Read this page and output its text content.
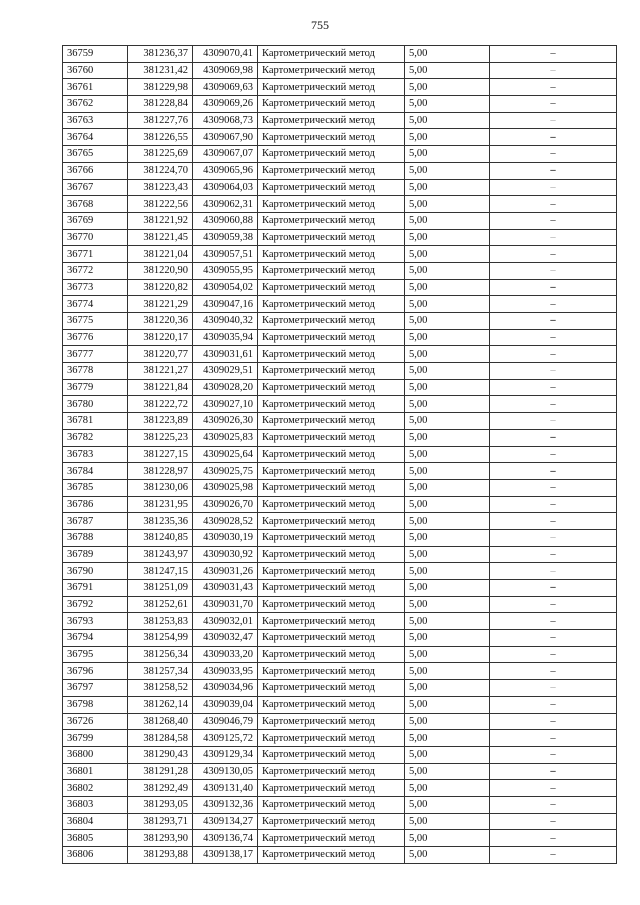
755
36759	381236,37	4309070,41	Картометрический метод	5,00	–
36760	381231,42	4309069,98	Картометрический метод	5,00	–
36761	381229,98	4309069,63	Картометрический метод	5,00	–
36762	381228,84	4309069,26	Картометрический метод	5,00	–
36763	381227,76	4309068,73	Картометрический метод	5,00	–
36764	381226,55	4309067,90	Картометрический метод	5,00	–
36765	381225,69	4309067,07	Картометрический метод	5,00	–
36766	381224,70	4309065,96	Картометрический метод	5,00	–
36767	381223,43	4309064,03	Картометрический метод	5,00	–
36768	381222,56	4309062,31	Картометрический метод	5,00	–
36769	381221,92	4309060,88	Картометрический метод	5,00	–
36770	381221,45	4309059,38	Картометрический метод	5,00	–
36771	381221,04	4309057,51	Картометрический метод	5,00	–
36772	381220,90	4309055,95	Картометрический метод	5,00	–
36773	381220,82	4309054,02	Картометрический метод	5,00	–
36774	381221,29	4309047,16	Картометрический метод	5,00	–
36775	381220,36	4309040,32	Картометрический метод	5,00	–
36776	381220,17	4309035,94	Картометрический метод	5,00	–
36777	381220,77	4309031,61	Картометрический метод	5,00	–
36778	381221,27	4309029,51	Картометрический метод	5,00	–
36779	381221,84	4309028,20	Картометрический метод	5,00	–
36780	381222,72	4309027,10	Картометрический метод	5,00	–
36781	381223,89	4309026,30	Картометрический метод	5,00	–
36782	381225,23	4309025,83	Картометрический метод	5,00	–
36783	381227,15	4309025,64	Картометрический метод	5,00	–
36784	381228,97	4309025,75	Картометрический метод	5,00	–
36785	381230,06	4309025,98	Картометрический метод	5,00	–
36786	381231,95	4309026,70	Картометрический метод	5,00	–
36787	381235,36	4309028,52	Картометрический метод	5,00	–
36788	381240,85	4309030,19	Картометрический метод	5,00	–
36789	381243,97	4309030,92	Картометрический метод	5,00	–
36790	381247,15	4309031,26	Картометрический метод	5,00	–
36791	381251,09	4309031,43	Картометрический метод	5,00	–
36792	381252,61	4309031,70	Картометрический метод	5,00	–
36793	381253,83	4309032,01	Картометрический метод	5,00	–
36794	381254,99	4309032,47	Картометрический метод	5,00	–
36795	381256,34	4309033,20	Картометрический метод	5,00	–
36796	381257,34	4309033,95	Картометрический метод	5,00	–
36797	381258,52	4309034,96	Картометрический метод	5,00	–
36798	381262,14	4309039,04	Картометрический метод	5,00	–
36726	381268,40	4309046,79	Картометрический метод	5,00	–
36799	381284,58	4309125,72	Картометрический метод	5,00	–
36800	381290,43	4309129,34	Картометрический метод	5,00	–
36801	381291,28	4309130,05	Картометрический метод	5,00	–
36802	381292,49	4309131,40	Картометрический метод	5,00	–
36803	381293,05	4309132,36	Картометрический метод	5,00	–
36804	381293,71	4309134,27	Картометрический метод	5,00	–
36805	381293,90	4309136,74	Картометрический метод	5,00	–
36806	381293,88	4309138,17	Картометрический метод	5,00	–
